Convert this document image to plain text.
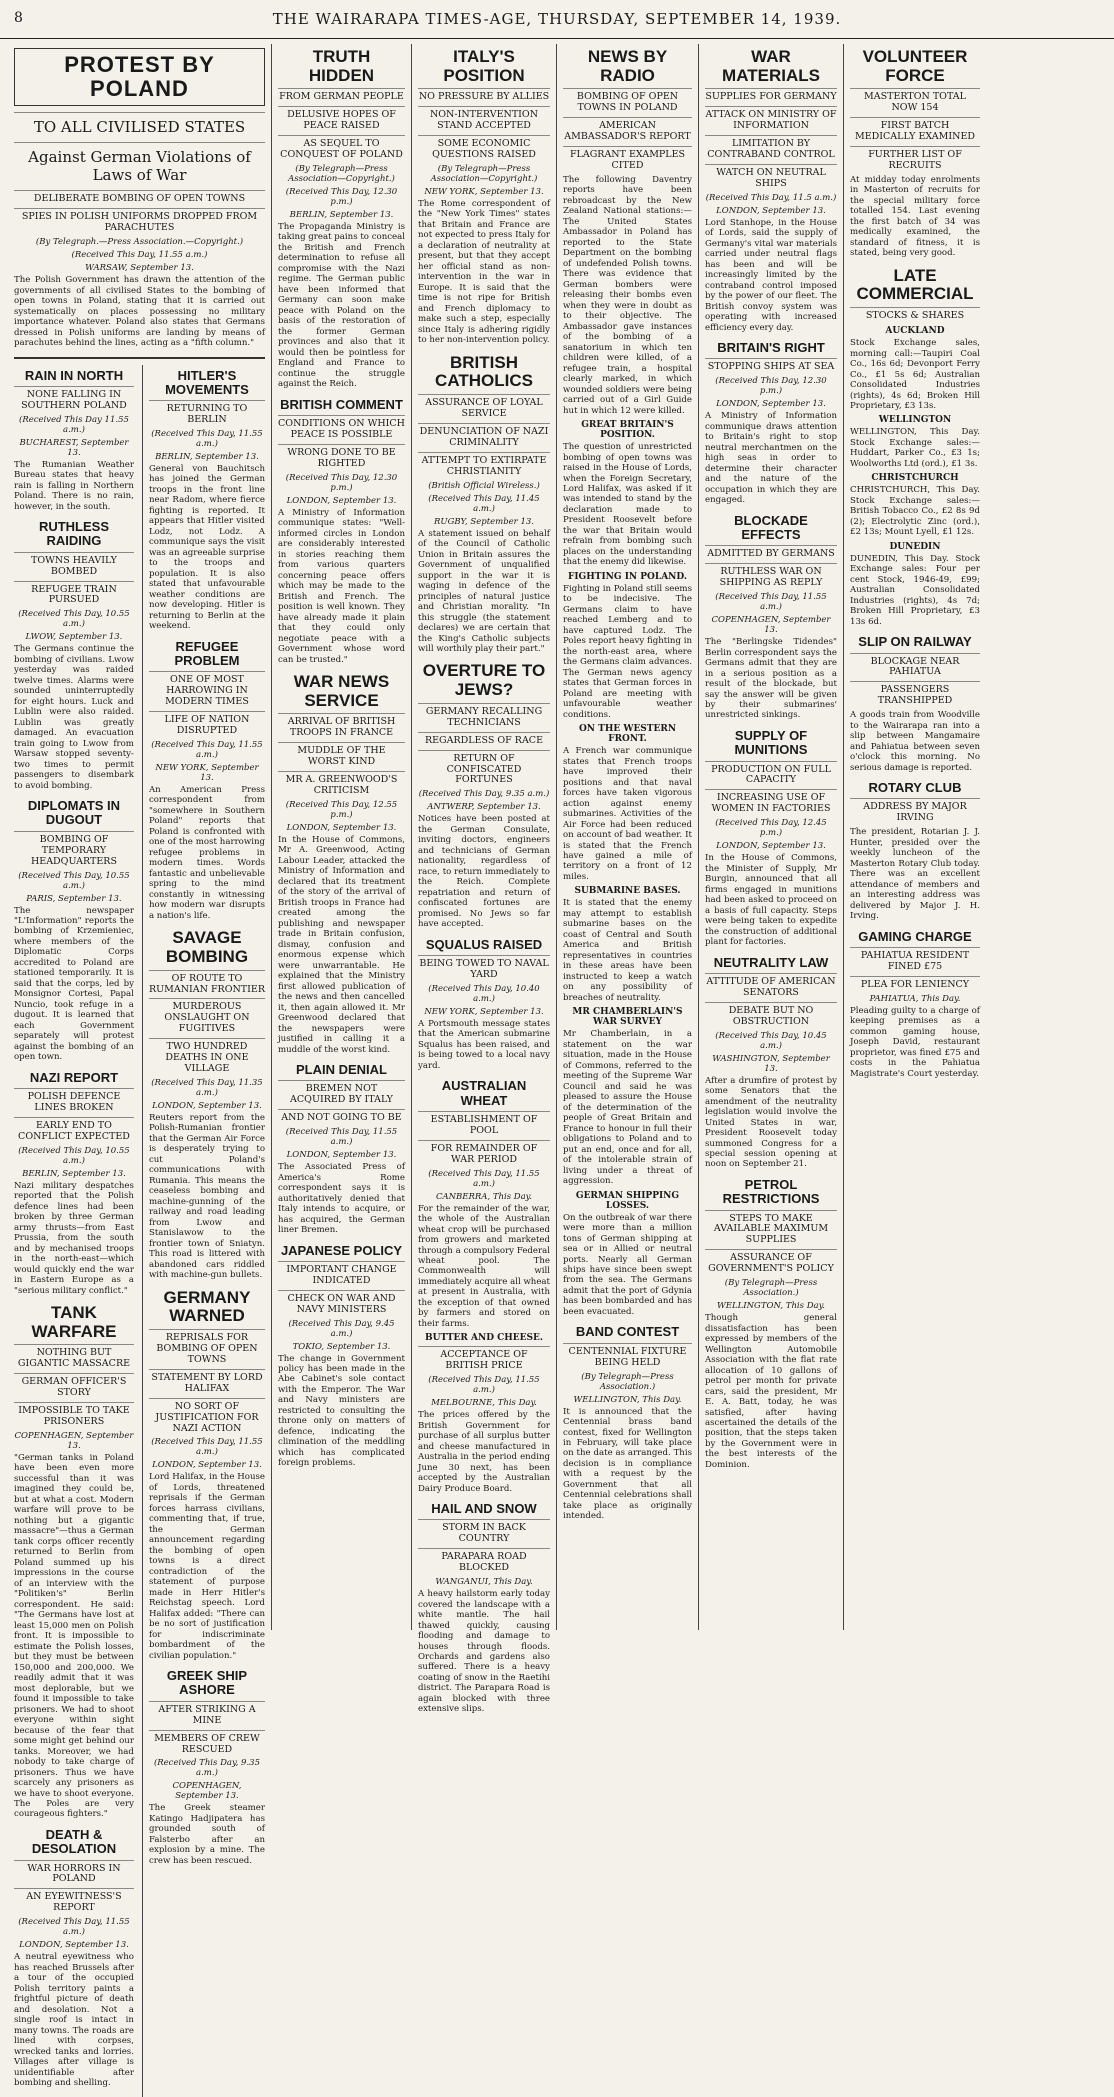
8	THE WAIRARAPA TIMES-AGE, THURSDAY, SEPTEMBER 14, 1939.
PROTEST BY POLAND
TO ALL CIVILISED STATES
Against German Violations of Laws of War
DELIBERATE BOMBING OF OPEN TOWNS
SPIES IN POLISH UNIFORMS DROPPED FROM PARACHUTES
(By Telegraph.—Press Association.—Copyright.)
(Received This Day, 11.55 a.m.)
WARSAW, September 13.

The Polish Government has drawn the attention of the governments of all civilised States to the bombing of open towns in Poland, stating that it is carried out systematically on places possessing no military importance whatever. Poland also states that Germans dressed in Polish uniforms are landing by means of parachutes behind the lines, acting as a "fifth column."

RAIN IN NORTH
NONE FALLING IN SOUTHERN POLAND
(Received This Day 11.55 a.m.)
BUCHAREST, September 13.

The Rumanian Weather Bureau states that heavy rain is falling in Northern Poland. There is no rain, however, in the south.

RUTHLESS RAIDING
TOWNS HEAVILY BOMBED
REFUGEE TRAIN PURSUED
(Received This Day, 10.55 a.m.)
LWOW, September 13.

The Germans continue the bombing of civilians. Lwow yesterday was raided twelve times. Alarms were sounded uninterruptedly for eight hours. Luck and Lublin were also raided. Lublin was greatly damaged. An evacuation train going to Lwow from Warsaw stopped seventy-two times to permit passengers to disembark to avoid bombing.

DIPLOMATS IN DUGOUT
BOMBING OF TEMPORARY HEADQUARTERS
(Received This Day, 10.55 a.m.)
PARIS, September 13.

The newspaper "L'Information" reports the bombing of Krzemieniec, where members of the Diplomatic Corps accredited to Poland are stationed temporarily. It is said that the corps, led by Monsignor Cortesi, Papal Nuncio, took refuge in a dugout. It is learned that each Government separately will protest against the bombing of an open town.

NAZI REPORT
POLISH DEFENCE LINES BROKEN
EARLY END TO CONFLICT EXPECTED
(Received This Day, 10.55 a.m.)
BERLIN, September 13.

Nazi military despatches reported that the Polish defence lines had been broken by three German army thrusts—from East Prussia, from the south and by mechanised troops in the north-east—which would quickly end the war in Eastern Europe as a "serious military conflict."

TANK WARFARE
NOTHING BUT GIGANTIC MASSACRE
GERMAN OFFICER'S STORY
IMPOSSIBLE TO TAKE PRISONERS
COPENHAGEN, September 13.

"German tanks in Poland have been even more successful than it was imagined they could be, but at what a cost. Modern warfare will prove to be nothing but a gigantic massacre"—thus a German tank corps officer recently returned to Berlin from Poland summed up his impressions in the course of an interview with the "Politiken's" Berlin correspondent. He said: "The Germans have lost at least 15,000 men on Polish front. It is impossible to estimate the Polish losses, but they must be between 150,000 and 200,000. We readily admit that it was most deplorable, but we found it impossible to take prisoners. We had to shoot everyone within sight because of the fear that some might get behind our tanks. Moreover, we had nobody to take charge of prisoners. Thus we have scarcely any prisoners as we have to shoot everyone. The Poles are very courageous fighters."

DEATH & DESOLATION
WAR HORRORS IN POLAND
AN EYEWITNESS'S REPORT
(Received This Day, 11.55 a.m.)
LONDON, September 13.

A neutral eyewitness who has reached Brussels after a tour of the occupied Polish territory paints a frightful picture of death and desolation. Not a single roof is intact in many towns. The roads are lined with corpses, wrecked tanks and lorries. Villages after village is unidentifiable after bombing and shelling.

HITLER'S MOVEMENTS
RETURNING TO BERLIN
(Received This Day, 11.55 a.m.)
BERLIN, September 13.

General von Bauchitsch has joined the German troops in the front line near Radom, where fierce fighting is reported. It appears that Hitler visited Lodz, not Lodz. A communique says the visit was an agreeable surprise to the troops and population. It is also stated that unfavourable weather conditions are now developing. Hitler is returning to Berlin at the weekend.

REFUGEE PROBLEM
ONE OF MOST HARROWING IN MODERN TIMES
LIFE OF NATION DISRUPTED
(Received This Day, 11.55 a.m.)
NEW YORK, September 13.

An American Press correspondent from "somewhere in Southern Poland" reports that Poland is confronted with one of the most harrowing refugee problems in modern times. Words fantastic and unbelievable spring to the mind constantly in witnessing how modern war disrupts a nation's life.

SAVAGE BOMBING
OF ROUTE TO RUMANIAN FRONTIER
MURDEROUS ONSLAUGHT ON FUGITIVES
TWO HUNDRED DEATHS IN ONE VILLAGE
(Received This Day, 11.35 a.m.)
LONDON, September 13.

Reuters report from the Polish-Rumanian frontier that the German Air Force is desperately trying to cut Poland's communications with Rumania. This means the ceaseless bombing and machine-gunning of the railway and road leading from Lwow and Stanislawow to the frontier town of Sniatyn. This road is littered with abandoned cars riddled with machine-gun bullets.

GERMANY WARNED
REPRISALS FOR BOMBING OF OPEN TOWNS
STATEMENT BY LORD HALIFAX
NO SORT OF JUSTIFICATION FOR NAZI ACTION
(Received This Day, 11.55 a.m.)
LONDON, September 13.

Lord Halifax, in the House of Lords, threatened reprisals if the German forces harrass civilians, commenting that, if true, the German announcement regarding the bombing of open towns is a direct contradiction of the statement of purpose made in Herr Hitler's Reichstag speech. Lord Halifax added: "There can be no sort of justification for indiscriminate bombardment of the civilian population."

GREEK SHIP ASHORE
AFTER STRIKING A MINE
MEMBERS OF CREW RESCUED
(Received This Day, 9.35 a.m.)
COPENHAGEN, September 13.

The Greek steamer Katingo Hadjipatera has grounded south of Falsterbo after an explosion by a mine. The crew has been rescued.

TRUTH HIDDEN
FROM GERMAN PEOPLE
DELUSIVE HOPES OF PEACE RAISED
AS SEQUEL TO CONQUEST OF POLAND
(By Telegraph—Press Association—Copyright.)
(Received This Day, 12.30 p.m.)
BERLIN, September 13.

The Propaganda Ministry is taking great pains to conceal the British and French determination to refuse all compromise with the Nazi regime. The German public have been informed that Germany can soon make peace with Poland on the basis of the restoration of the former German provinces and also that it would then be pointless for England and France to continue the struggle against the Reich.

BRITISH COMMENT
CONDITIONS ON WHICH PEACE IS POSSIBLE
WRONG DONE TO BE RIGHTED
(Received This Day, 12.30 p.m.)
LONDON, September 13.

A Ministry of Information communique states: "Well-informed circles in London are considerably interested in stories reaching them from various quarters concerning peace offers which may be made to the British and French. The position is well known. They have already made it plain that they could only negotiate peace with a Government whose word can be trusted."

WAR NEWS SERVICE
ARRIVAL OF BRITISH TROOPS IN FRANCE
MUDDLE OF THE WORST KIND
MR A. GREENWOOD'S CRITICISM
(Received This Day, 12.55 p.m.)
LONDON, September 13.

In the House of Commons, Mr A. Greenwood, Acting Labour Leader, attacked the Ministry of Information and declared that its treatment of the story of the arrival of British troops in France had created among the publishing and newspaper trade in Britain confusion, dismay, confusion and enormous expense which were unwarrantable. He explained that the Ministry first allowed publication of the news and then cancelled it, then again allowed it. Mr Greenwood declared that the newspapers were justified in calling it a muddle of the worst kind.

PLAIN DENIAL
BREMEN NOT ACQUIRED BY ITALY
AND NOT GOING TO BE
(Received This Day, 11.55 a.m.)
LONDON, September 13.

The Associated Press of America's Rome correspondent says it is authoritatively denied that Italy intends to acquire, or has acquired, the German liner Bremen.

JAPANESE POLICY
IMPORTANT CHANGE INDICATED
CHECK ON WAR AND NAVY MINISTERS
(Received This Day, 9.45 a.m.)
TOKIO, September 13.

The change in Government policy has been made in the Abe Cabinet's sole contact with the Emperor. The War and Navy ministers are restricted to consulting the throne only on matters of defence, indicating the climination of the meddling which has complicated foreign problems.

ITALY'S POSITION
NO PRESSURE BY ALLIES
NON-INTERVENTION STAND ACCEPTED
SOME ECONOMIC QUESTIONS RAISED
(By Telegraph—Press Association—Copyright.)
NEW YORK, September 13.

The Rome correspondent of the "New York Times" states that Britain and France are not expected to press Italy for a declaration of neutrality at present, but that they accept her official stand as non-intervention in the war in Europe. It is said that the time is not ripe for British and French diplomacy to make such a step, especially since Italy is adhering rigidly to her non-intervention policy.

BRITISH CATHOLICS
ASSURANCE OF LOYAL SERVICE
DENUNCIATION OF NAZI CRIMINALITY
ATTEMPT TO EXTIRPATE CHRISTIANITY
(British Official Wireless.)
(Received This Day, 11.45 a.m.)
RUGBY, September 13.

A statement issued on behalf of the Council of Catholic Union in Britain assures the Government of unqualified support in the war it is waging in defence of the principles of natural justice and Christian morality. "In this struggle (the statement declares) we are certain that the King's Catholic subjects will worthily play their part."

OVERTURE TO JEWS?
GERMANY RECALLING TECHNICIANS
REGARDLESS OF RACE
RETURN OF CONFISCATED FORTUNES
(Received This Day, 9.35 a.m.)
ANTWERP, September 13.

Notices have been posted at the German Consulate, inviting doctors, engineers and technicians of German nationality, regardless of race, to return immediately to the Reich. Complete repatriation and return of confiscated fortunes are promised. No Jews so far have accepted.

SQUALUS RAISED
BEING TOWED TO NAVAL YARD
(Received This Day, 10.40 a.m.)
NEW YORK, September 13.

A Portsmouth message states that the American submarine Squalus has been raised, and is being towed to a local navy yard.

AUSTRALIAN WHEAT
ESTABLISHMENT OF POOL
FOR REMAINDER OF WAR PERIOD
(Received This Day, 11.55 a.m.)
CANBERRA, This Day.

For the remainder of the war, the whole of the Australian wheat crop will be purchased from growers and marketed through a compulsory Federal wheat pool. The Commonwealth will immediately acquire all wheat at present in Australia, with the exception of that owned by farmers and stored on their farms.

BUTTER AND CHEESE.
ACCEPTANCE OF BRITISH PRICE
(Received This Day, 11.55 a.m.)
MELBOURNE, This Day.

The prices offered by the British Government for purchase of all surplus butter and cheese manufactured in Australia in the period ending June 30 next, has been accepted by the Australian Dairy Produce Board.

HAIL AND SNOW
STORM IN BACK COUNTRY
PARAPARA ROAD BLOCKED
WANGANUI, This Day.

A heavy hailstorm early today covered the landscape with a white mantle. The hail thawed quickly, causing flooding and damage to houses through floods. Orchards and gardens also suffered. There is a heavy coating of snow in the Raetihi district. The Parapara Road is again blocked with three extensive slips.

NEWS BY RADIO
BOMBING OF OPEN TOWNS IN POLAND
AMERICAN AMBASSADOR'S REPORT
FLAGRANT EXAMPLES CITED

The following Daventry reports have been rebroadcast by the New Zealand National stations:— The United States Ambassador in Poland has reported to the State Department on the bombing of undefended Polish towns. There was evidence that German bombers were releasing their bombs even when they were in doubt as to their objective. The Ambassador gave instances of the bombing of a sanatorium in which ten children were killed, of a refugee train, a hospital clearly marked, in which wounded soldiers were being carried out of a Girl Guide hut in which 12 were killed.

GREAT BRITAIN'S POSITION.

The question of unrestricted bombing of open towns was raised in the House of Lords, when the Foreign Secretary, Lord Halifax, was asked if it was intended to stand by the declaration made to President Roosevelt before the war that Britain would refrain from bombing such places on the understanding that the enemy did likewise.

FIGHTING IN POLAND.

Fighting in Poland still seems to be indecisive. The Germans claim to have reached Lemberg and to have captured Lodz. The Poles report heavy fighting in the north-east area, where the Germans claim advances. The German news agency states that German forces in Poland are meeting with unfavourable weather conditions.

ON THE WESTERN FRONT.

A French war communique states that French troops have improved their positions and that naval forces have taken vigorous action against enemy submarines. Activities of the Air Force had been reduced on account of bad weather. It is stated that the French have gained a mile of territory on a front of 12 miles.

SUBMARINE BASES.

It is stated that the enemy may attempt to establish submarine bases on the coast of Central and South America and British representatives in countries in these areas have been instructed to keep a watch on any possibility of breaches of neutrality.

MR CHAMBERLAIN'S WAR SURVEY

Mr Chamberlain, in a statement on the war situation, made in the House of Commons, referred to the meeting of the Supreme War Council and said he was pleased to assure the House of the determination of the people of Great Britain and France to honour in full their obligations to Poland and to put an end, once and for all, of the intolerable strain of living under a threat of aggression.

GERMAN SHIPPING LOSSES.

On the outbreak of war there were more than a million tons of German shipping at sea or in Allied or neutral ports. Nearly all German ships have since been swept from the sea. The Germans admit that the port of Gdynia has been bombarded and has been evacuated.

BAND CONTEST
CENTENNIAL FIXTURE BEING HELD
(By Telegraph—Press Association.)
WELLINGTON, This Day.

It is announced that the Centennial brass band contest, fixed for Wellington in February, will take place on the date as arranged. This decision is in compliance with a request by the Government that all Centennial celebrations shall take place as originally intended.

WAR MATERIALS
SUPPLIES FOR GERMANY
ATTACK ON MINISTRY OF INFORMATION
LIMITATION BY CONTRABAND CONTROL
WATCH ON NEUTRAL SHIPS
(Received This Day, 11.5 a.m.)
LONDON, September 13.

Lord Stanhope, in the House of Lords, said the supply of Germany's vital war materials carried under neutral flags has been and will be increasingly limited by the contraband control imposed by the power of our fleet. The British convoy system was operating with increased efficiency every day.

BRITAIN'S RIGHT
STOPPING SHIPS AT SEA
(Received This Day, 12.30 p.m.)
LONDON, September 13.

A Ministry of Information communique draws attention to Britain's right to stop neutral merchantmen on the high seas in order to determine their character and the nature of the occupation in which they are engaged.

BLOCKADE EFFECTS
ADMITTED BY GERMANS
RUTHLESS WAR ON SHIPPING AS REPLY
(Received This Day, 11.55 a.m.)
COPENHAGEN, September 13.

The "Berlingske Tidendes" Berlin correspondent says the Germans admit that they are in a serious position as a result of the blockade, but say the answer will be given by their submarines' unrestricted sinkings.

SUPPLY OF MUNITIONS
PRODUCTION ON FULL CAPACITY
INCREASING USE OF WOMEN IN FACTORIES
(Received This Day, 12.45 p.m.)
LONDON, September 13.

In the House of Commons, the Minister of Supply, Mr Burgin, announced that all firms engaged in munitions had been asked to proceed on a basis of full capacity. Steps were being taken to expedite the construction of additional plant for factories.

NEUTRALITY LAW
ATTITUDE OF AMERICAN SENATORS
DEBATE BUT NO OBSTRUCTION
(Received This Day, 10.45 a.m.)
WASHINGTON, September 13.

After a drumfire of protest by some Senators that the amendment of the neutrality legislation would involve the United States in war, President Roosevelt today summoned Congress for a special session opening at noon on September 21.

PETROL RESTRICTIONS
STEPS TO MAKE AVAILABLE MAXIMUM SUPPLIES
ASSURANCE OF GOVERNMENT'S POLICY
(By Telegraph—Press Association.)
WELLINGTON, This Day.

Though general dissatisfaction has been expressed by members of the Wellington Automobile Association with the flat rate allocation of 10 gallons of petrol per month for private cars, said the president, Mr E. A. Batt, today, he was satisfied, after having ascertained the details of the position, that the steps taken by the Government were in the best interests of the Dominion.

VOLUNTEER FORCE
MASTERTON TOTAL NOW 154
FIRST BATCH MEDICALLY EXAMINED
FURTHER LIST OF RECRUITS

At midday today enrolments in Masterton of recruits for the special military force totalled 154. Last evening the first batch of 34 was medically examined, the standard of fitness, it is stated, being very good.

LATE COMMERCIAL
STOCKS & SHARES
AUCKLAND

Stock Exchange sales, morning call:—Taupiri Coal Co., 16s 6d; Devonport Ferry Co., £1 5s 6d; Australian Consolidated Industries (rights), 4s 6d; Broken Hill Proprietary, £3 13s.

WELLINGTON

WELLINGTON, This Day. Stock Exchange sales:—Huddart, Parker Co., £3 1s; Woolworths Ltd (ord.), £1 3s.

CHRISTCHURCH

CHRISTCHURCH, This Day. Stock Exchange sales:—British Tobacco Co., £2 8s 9d (2); Electrolytic Zinc (ord.), £2 13s; Mount Lyell, £1 12s.

DUNEDIN

DUNEDIN, This Day. Stock Exchange sales: Four per cent Stock, 1946-49, £99; Australian Consolidated Industries (rights), 4s 7d; Broken Hill Proprietary, £3 13s 6d.

SLIP ON RAILWAY
BLOCKAGE NEAR PAHIATUA
PASSENGERS TRANSHIPPED

A goods train from Woodville to the Wairarapa ran into a slip between Mangamaire and Pahiatua between seven o'clock this morning. No serious damage is reported.

ROTARY CLUB
ADDRESS BY MAJOR IRVING

The president, Rotarian J. J. Hunter, presided over the weekly luncheon of the Masterton Rotary Club today. There was an excellent attendance of members and an interesting address was delivered by Major J. H. Irving.

GAMING CHARGE
PAHIATUA RESIDENT FINED £75
PLEA FOR LENIENCY
PAHIATUA, This Day.

Pleading guilty to a charge of keeping premises as a common gaming house, Joseph David, restaurant proprietor, was fined £75 and costs in the Pahiatua Magistrate's Court yesterday.
